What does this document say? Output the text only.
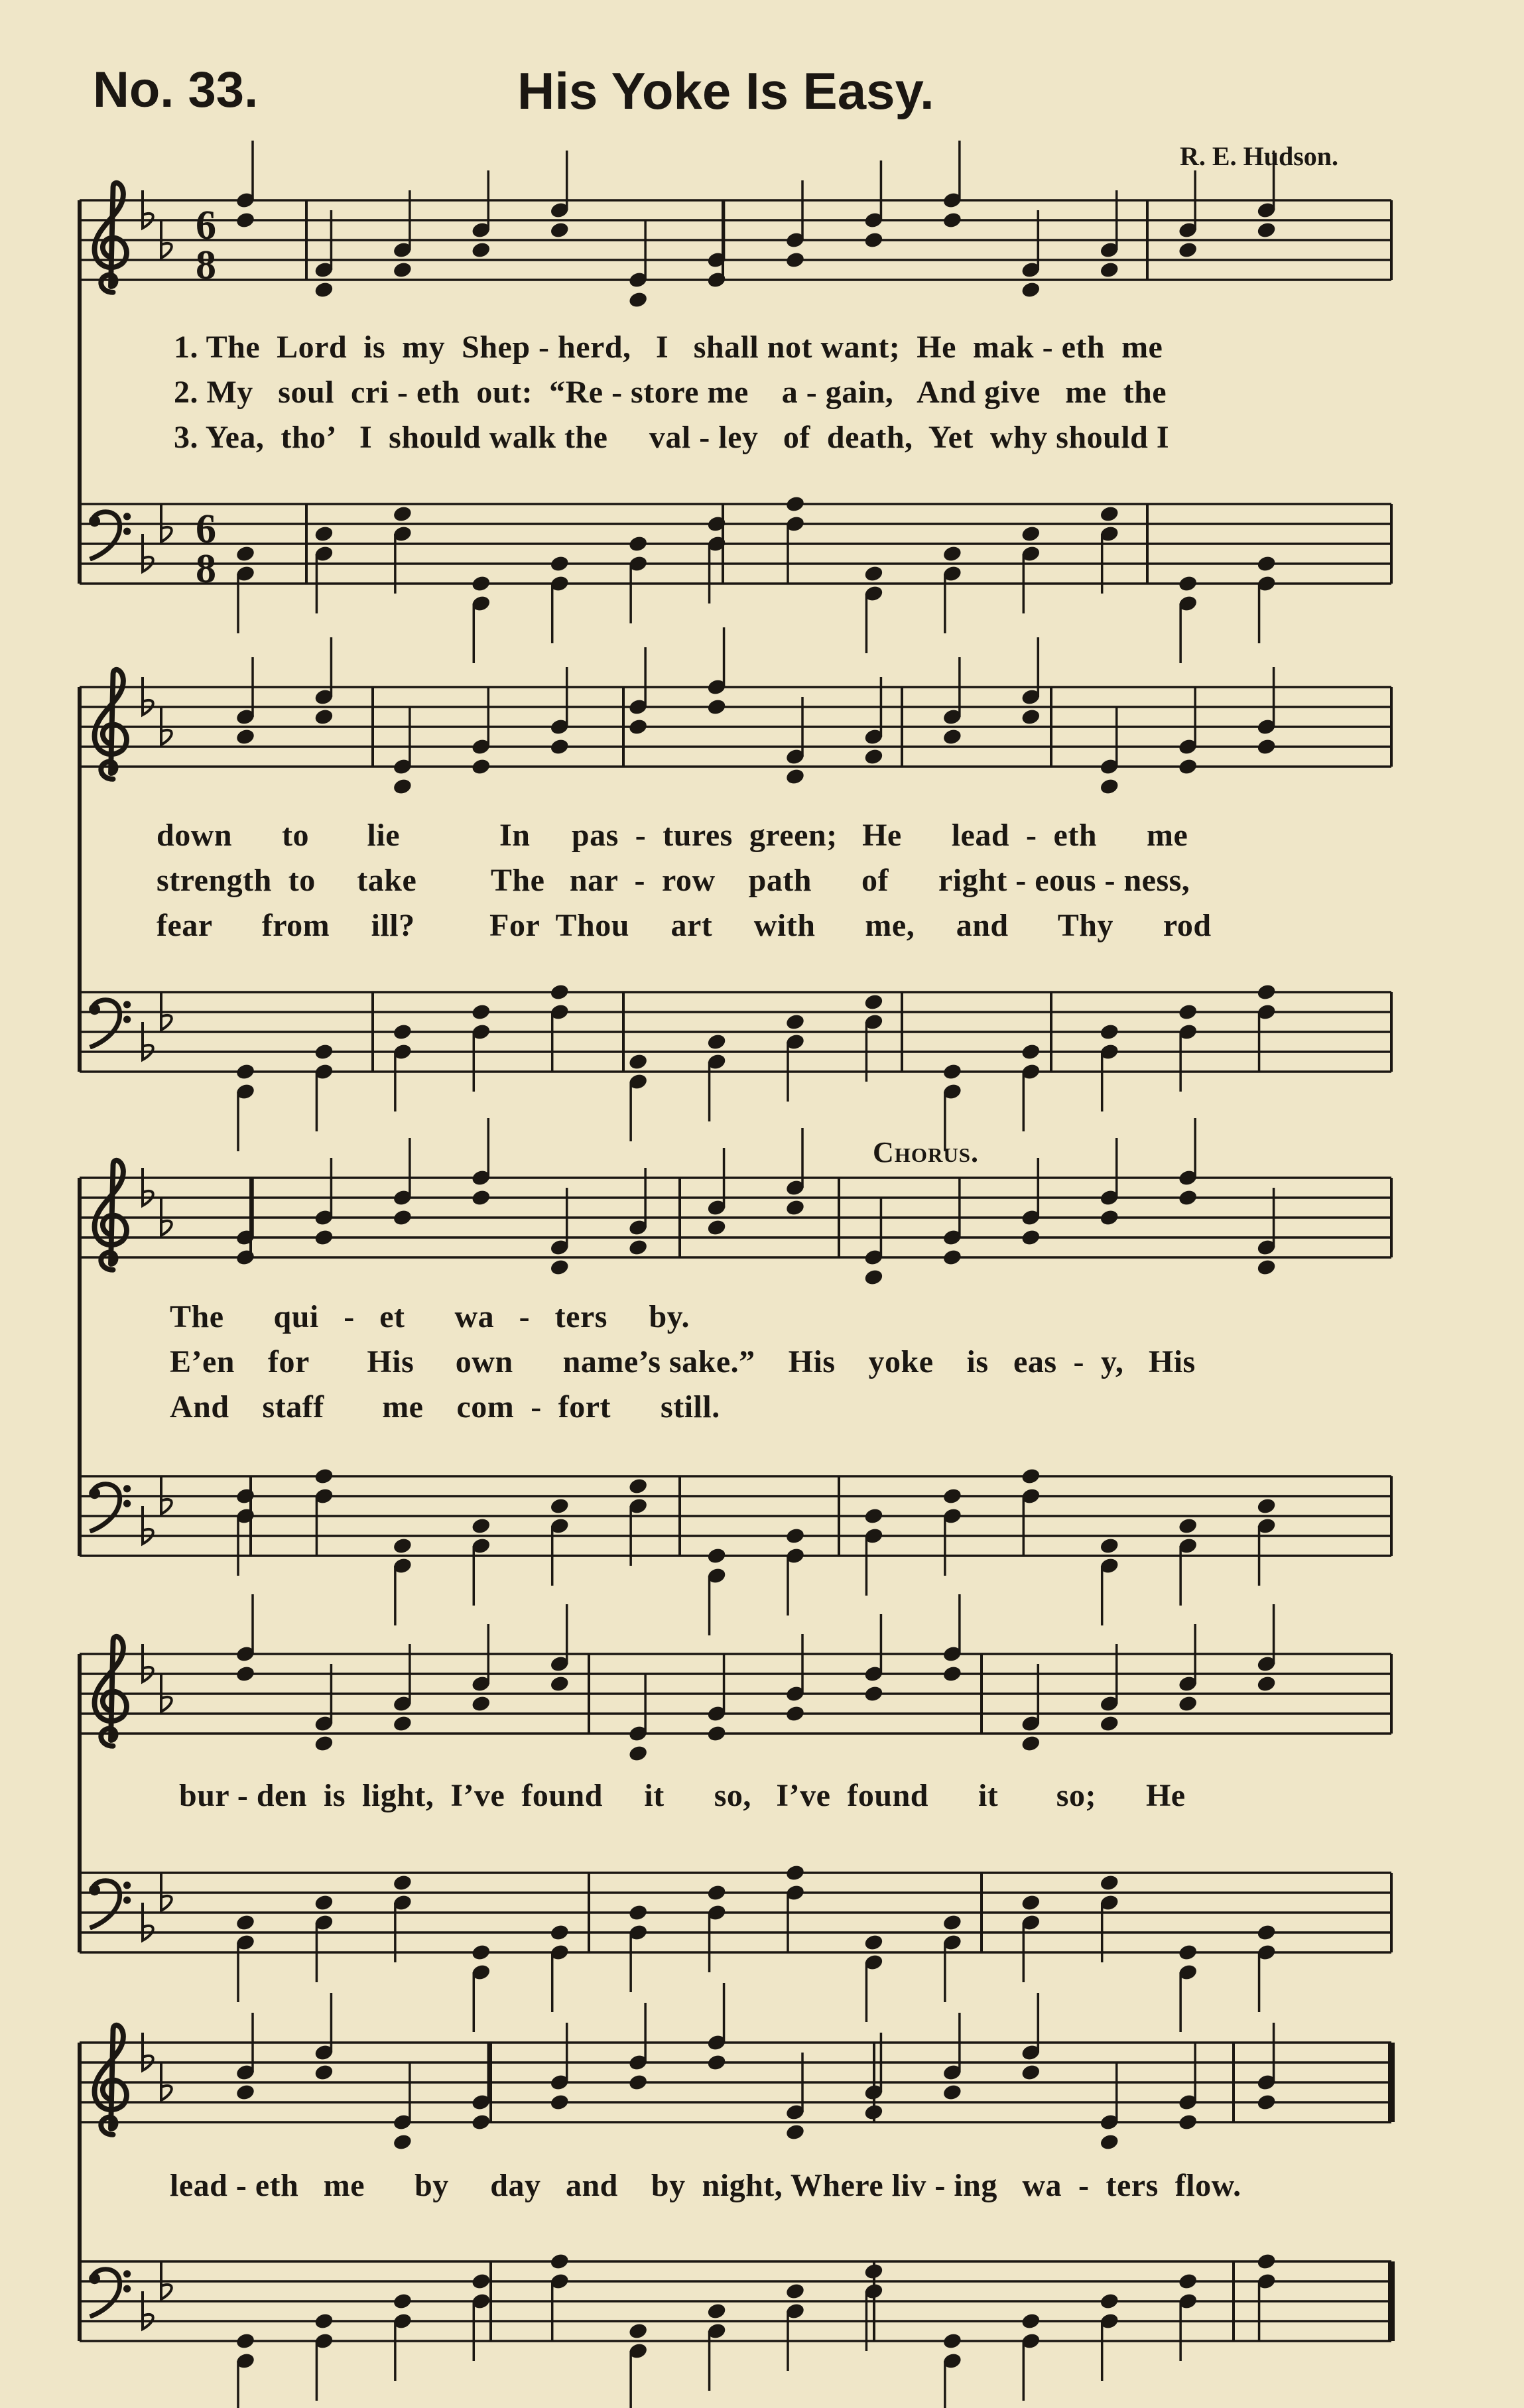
No. 33.	His Yoke Is Easy.
R. E. Hudson.
Chorus.
6
8
6
8
1. The  Lord  is  my  Shep - herd,   I   shall not want;  He  mak - eth  me
2. My   soul  cri - eth  out:  “Re - store me    a - gain,   And give   me  the
3. Yea,  tho’   I  should walk the     val - ley   of  death,  Yet  why should I
down      to       lie            In     pas  -  tures  green;   He      lead  -  eth      me
strength  to     take         The   nar  -  row    path      of      right - eous - ness,
fear      from     ill?         For  Thou     art     with      me,     and      Thy      rod
The      qui   -   et      wa   -   ters     by.
E’en    for       His     own      name’s sake.”    His    yoke    is   eas  -  y,   His
And    staff       me    com  -  fort      still.
bur - den  is  light,  I’ve  found     it      so,   I’ve  found      it       so;      He
lead - eth   me      by     day   and    by  night, Where liv - ing   wa  -  ters  flow.
